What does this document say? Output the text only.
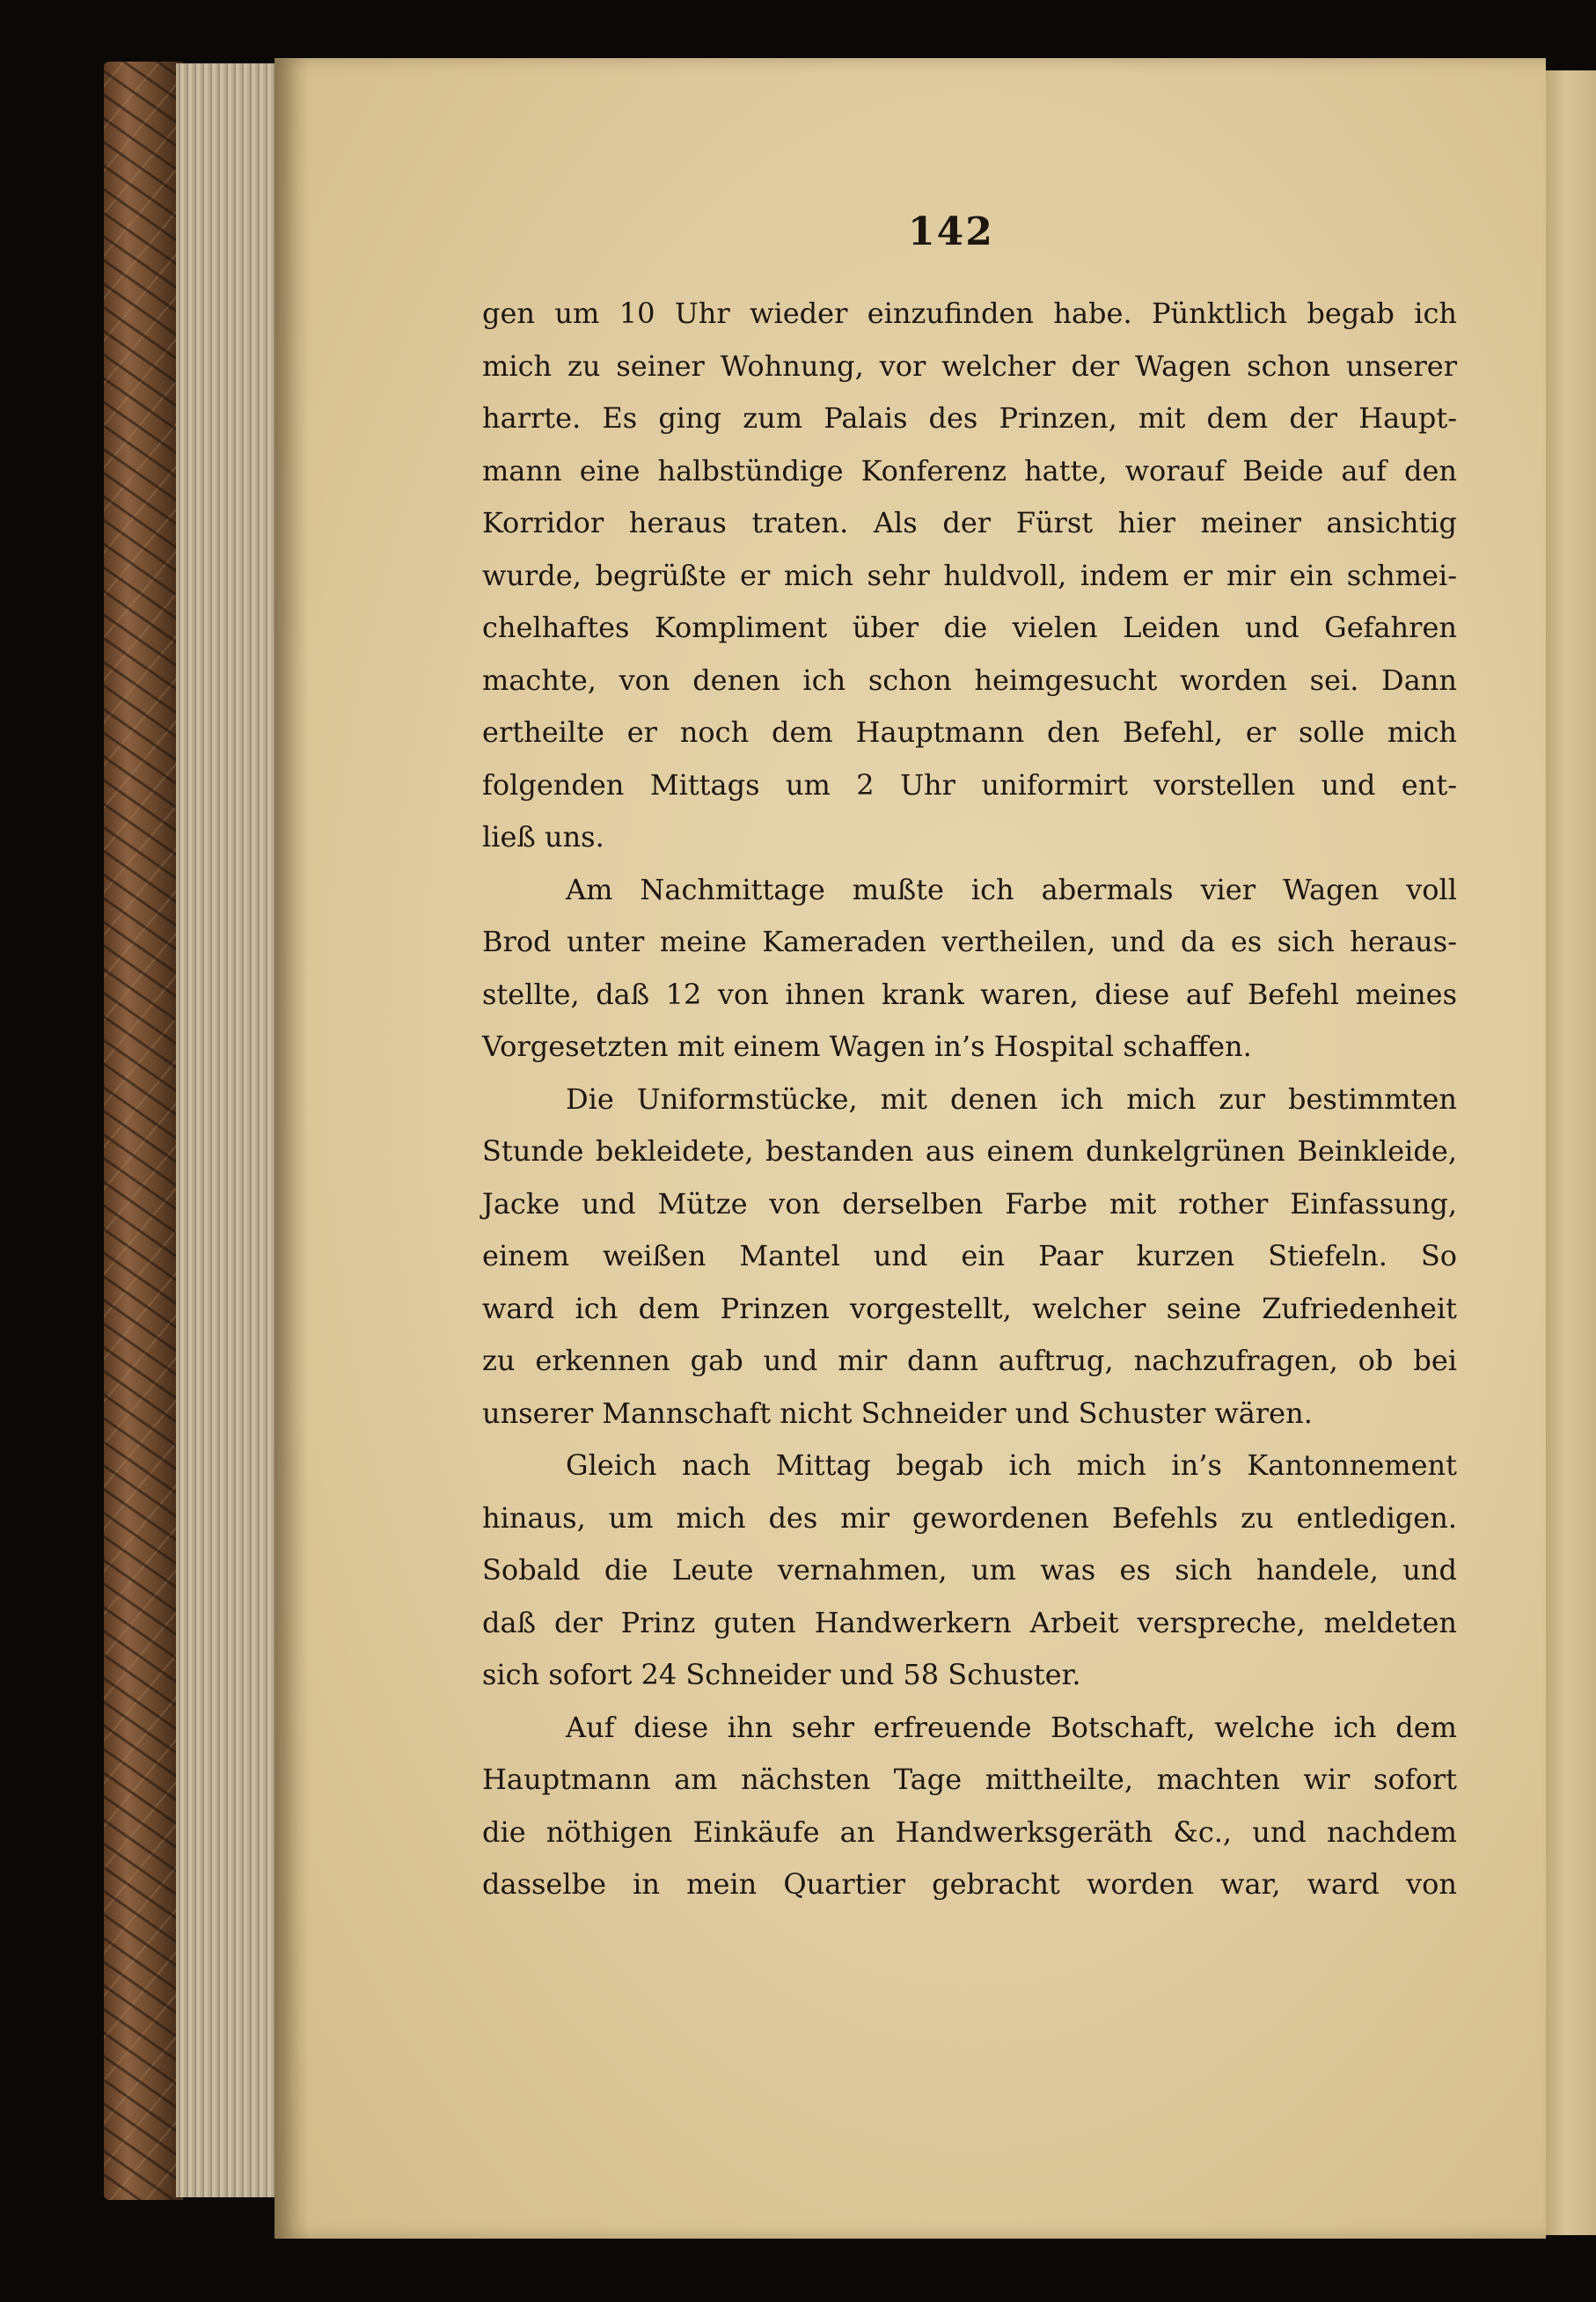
142
gen um 10 Uhr wieder einzufinden habe. Pünktlich begab ich
mich zu seiner Wohnung, vor welcher der Wagen schon unserer
harrte. Es ging zum Palais des Prinzen, mit dem der Haupt-
mann eine halbstündige Konferenz hatte, worauf Beide auf den
Korridor heraus traten. Als der Fürst hier meiner ansichtig
wurde, begrüßte er mich sehr huldvoll, indem er mir ein schmei-
chelhaftes Kompliment über die vielen Leiden und Gefahren
machte, von denen ich schon heimgesucht worden sei. Dann
ertheilte er noch dem Hauptmann den Befehl, er solle mich
folgenden Mittags um 2 Uhr uniformirt vorstellen und ent-
ließ uns.
Am Nachmittage mußte ich abermals vier Wagen voll
Brod unter meine Kameraden vertheilen, und da es sich heraus-
stellte, daß 12 von ihnen krank waren, diese auf Befehl meines
Vorgesetzten mit einem Wagen in’s Hospital schaffen.
Die Uniformstücke, mit denen ich mich zur bestimmten
Stunde bekleidete, bestanden aus einem dunkelgrünen Beinkleide,
Jacke und Mütze von derselben Farbe mit rother Einfassung,
einem weißen Mantel und ein Paar kurzen Stiefeln. So
ward ich dem Prinzen vorgestellt, welcher seine Zufriedenheit
zu erkennen gab und mir dann auftrug, nachzufragen, ob bei
unserer Mannschaft nicht Schneider und Schuster wären.
Gleich nach Mittag begab ich mich in’s Kantonnement
hinaus, um mich des mir gewordenen Befehls zu entledigen.
Sobald die Leute vernahmen, um was es sich handele, und
daß der Prinz guten Handwerkern Arbeit verspreche, meldeten
sich sofort 24 Schneider und 58 Schuster.
Auf diese ihn sehr erfreuende Botschaft, welche ich dem
Hauptmann am nächsten Tage mittheilte, machten wir sofort
die nöthigen Einkäufe an Handwerksgeräth &c., und nachdem
dasselbe in mein Quartier gebracht worden war, ward von
